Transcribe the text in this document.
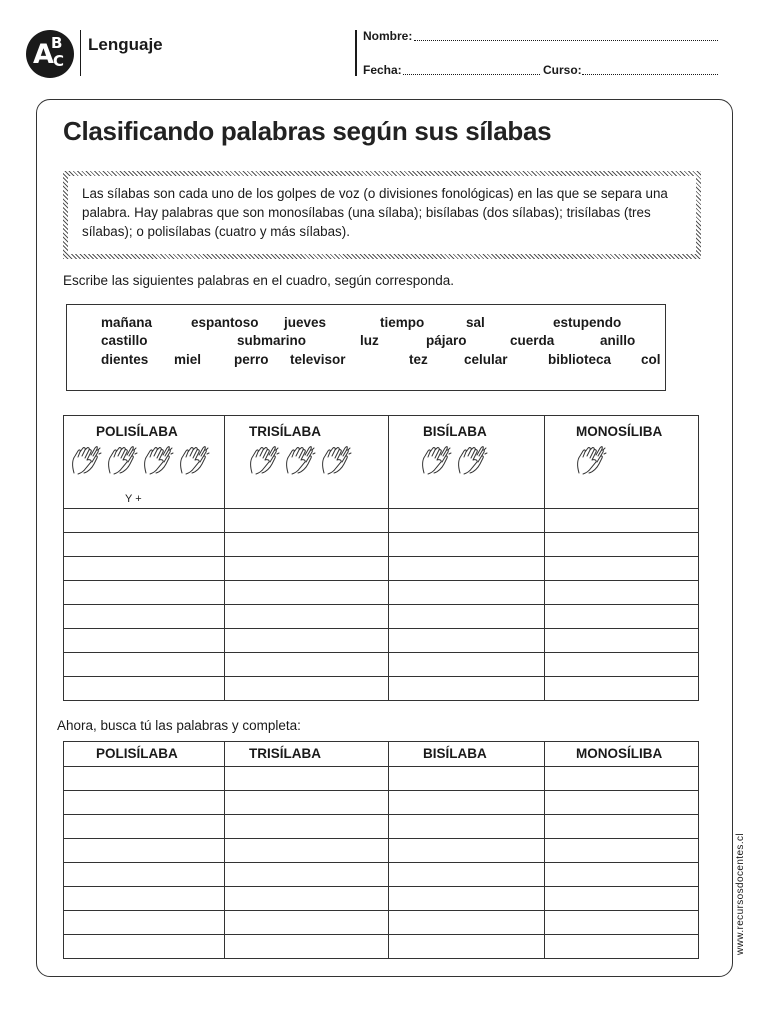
A
B
C
Lenguaje	Nombre:
Fecha:	Curso:
Clasificando palabras según sus sílabas
Las sílabas son cada uno de los golpes de voz (o divisiones fonológicas) en las que se separa una palabra. Hay palabras que son monosílabas (una sílaba); bisílabas (dos sílabas); trisílabas (tres sílabas); o polisílabas (cuatro y más sílabas).
Escribe las siguientes palabras en el cuadro, según corresponda.
mañana	espantoso jueves	tiempo	sal	estupendo
castillo	submarino	luz	pájaro	cuerda	anillo
dientes miel perro televisor	tez	celular	biblioteca col
POLISÍLABA	TRISÍLABA	BISÍLABA	MONOSÍLIBA

Y +
Ahora, busca tú las palabras y completa:
POLISÍLABA	TRISÍLABA	BISÍLABA	MONOSÍLIBA

www.recursosdocentes.cl
